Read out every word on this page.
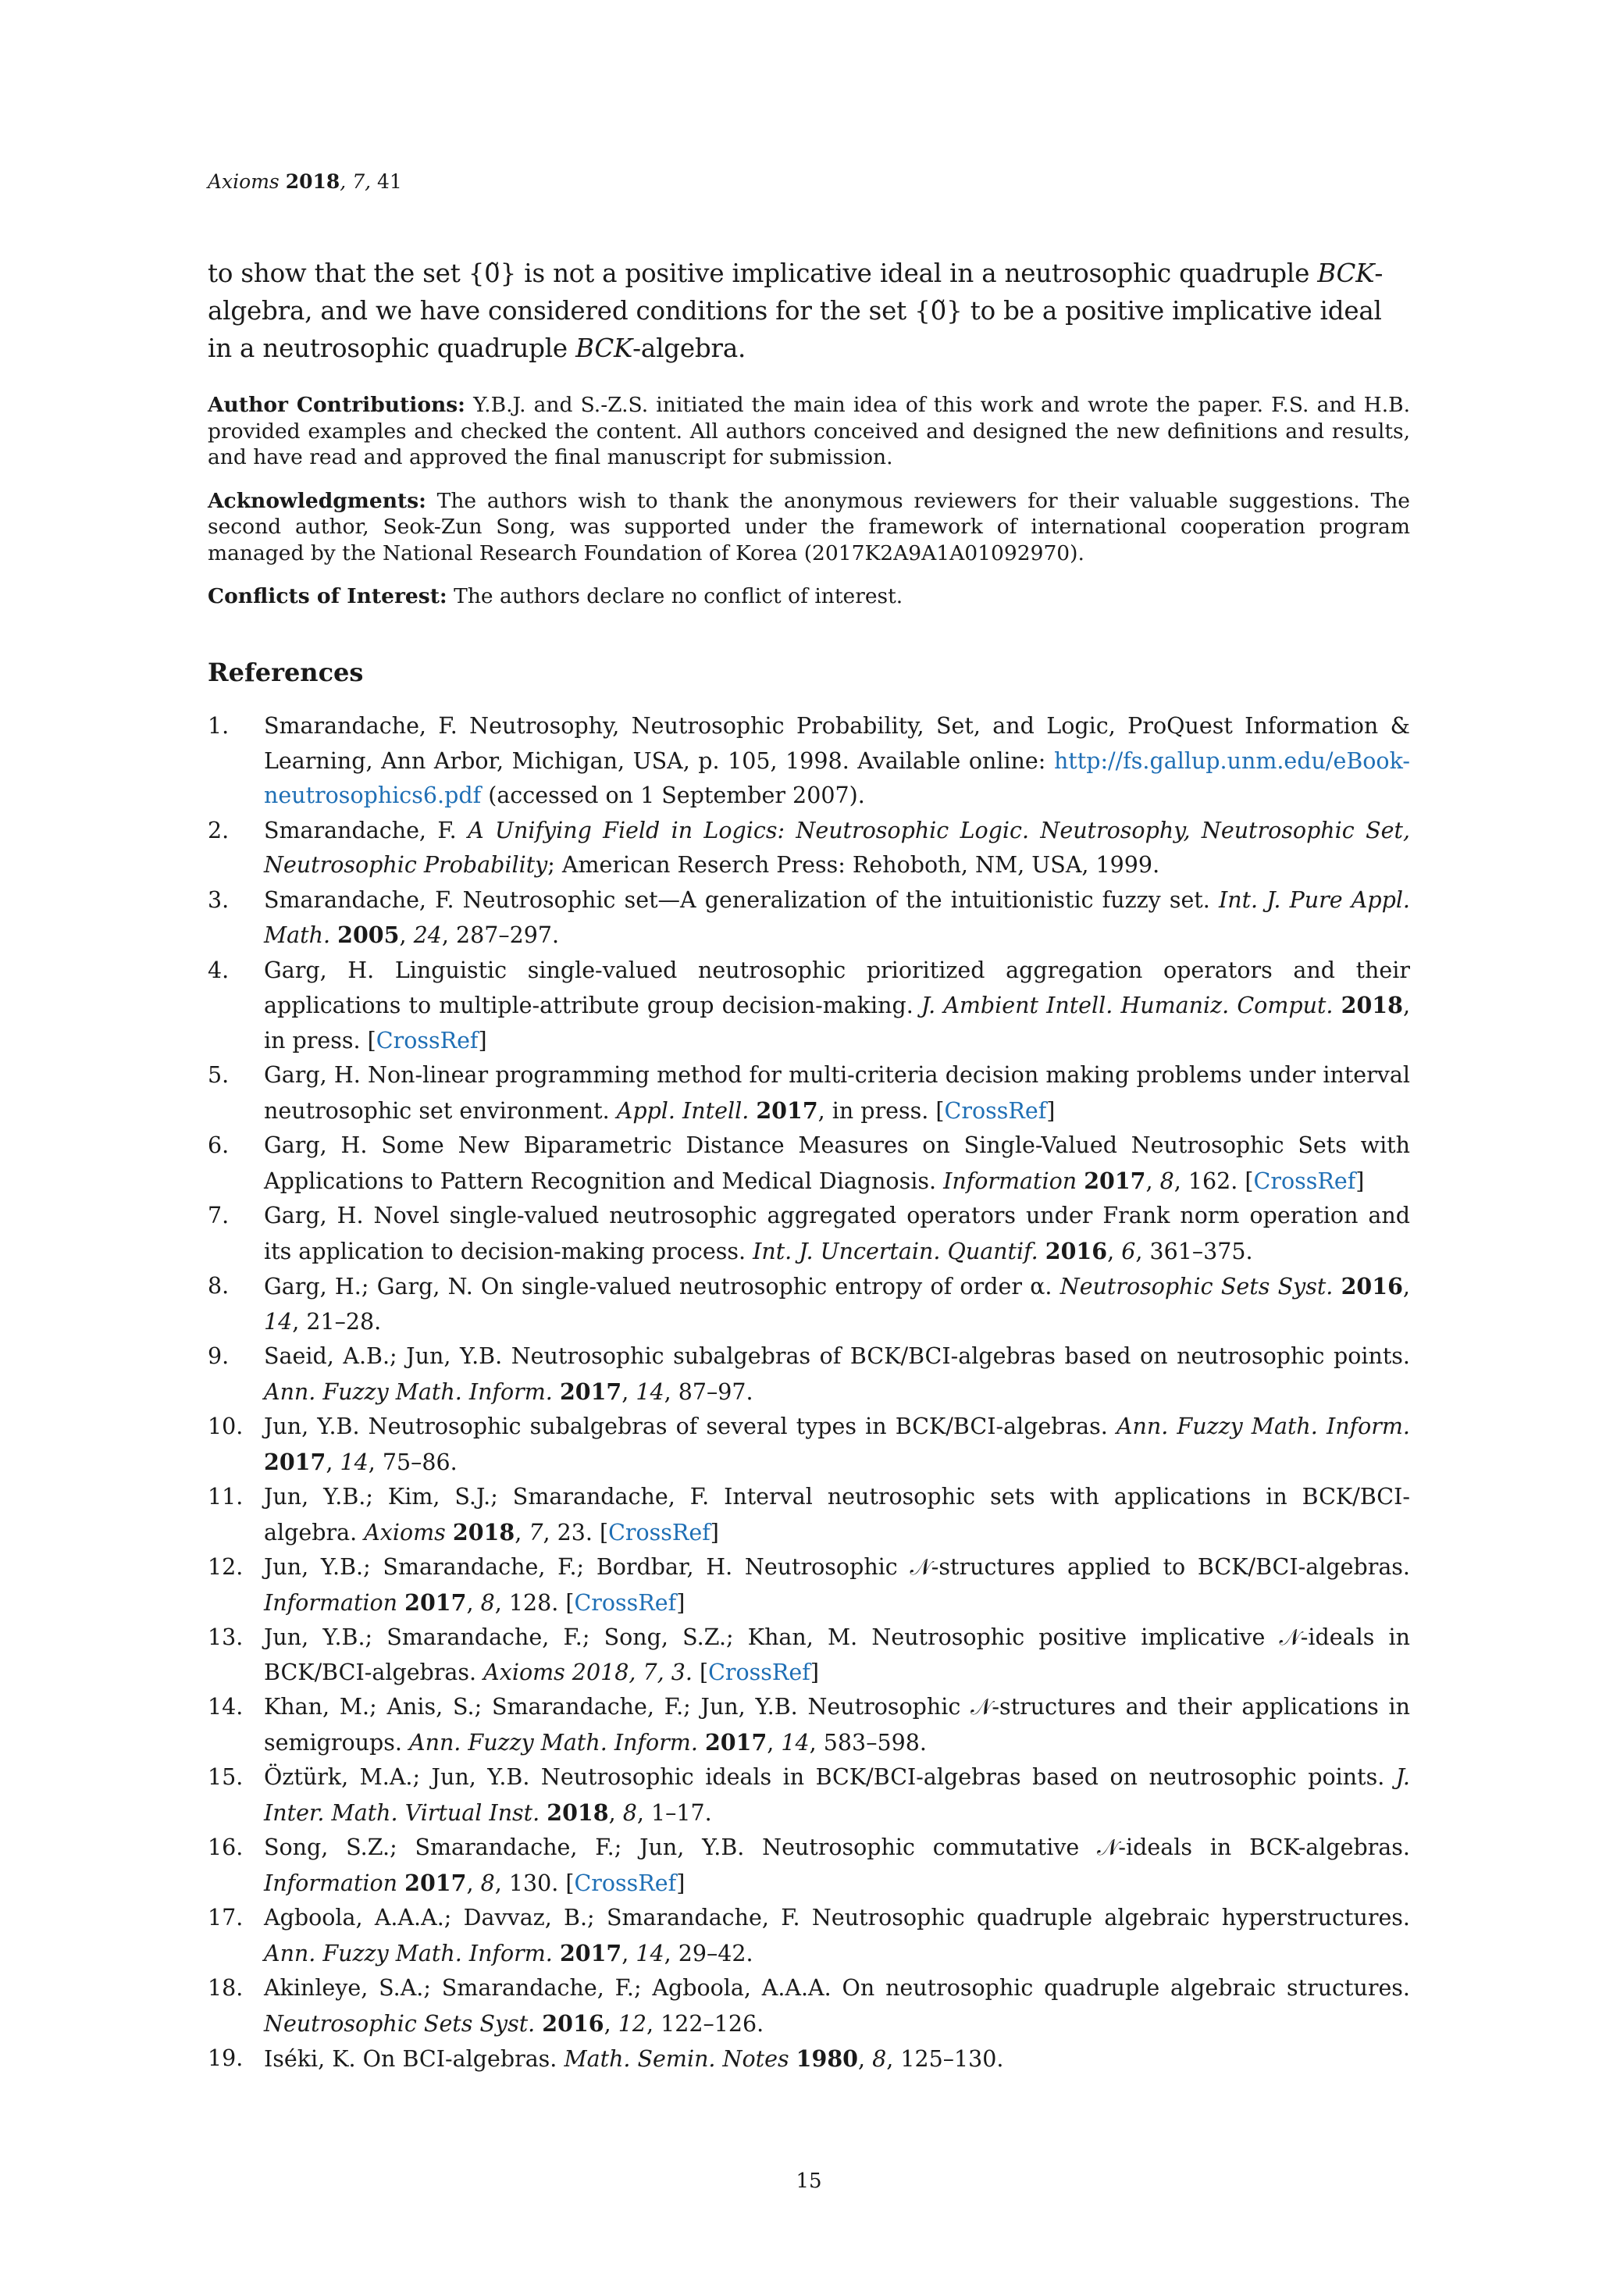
Axioms 2018, 7, 41
to show that the set {0̃} is not a positive implicative ideal in a neutrosophic quadruple BCK-algebra, and we have considered conditions for the set {0̃} to be a positive implicative ideal in a neutrosophic quadruple BCK-algebra.

Author Contributions: Y.B.J. and S.-Z.S. initiated the main idea of this work and wrote the paper. F.S. and H.B. provided examples and checked the content. All authors conceived and designed the new definitions and results, and have read and approved the final manuscript for submission.

Acknowledgments: The authors wish to thank the anonymous reviewers for their valuable suggestions. The second author, Seok-Zun Song, was supported under the framework of international cooperation program managed by the National Research Foundation of Korea (2017K2A9A1A01092970).

Conflicts of Interest: The authors declare no conflict of interest.

References
1. Smarandache, F. Neutrosophy, Neutrosophic Probability, Set, and Logic, ProQuest Information & Learning, Ann Arbor, Michigan, USA, p. 105, 1998. Available online: http://fs.gallup.unm.edu/eBook-neutrosophics6.pdf (accessed on 1 September 2007).
2. Smarandache, F. A Unifying Field in Logics: Neutrosophic Logic. Neutrosophy, Neutrosophic Set, Neutrosophic Probability; American Reserch Press: Rehoboth, NM, USA, 1999.
3. Smarandache, F. Neutrosophic set—A generalization of the intuitionistic fuzzy set. Int. J. Pure Appl. Math. 2005, 24, 287–297.
4. Garg, H. Linguistic single-valued neutrosophic prioritized aggregation operators and their applications to multiple-attribute group decision-making. J. Ambient Intell. Humaniz. Comput. 2018, in press. [CrossRef]
5. Garg, H. Non-linear programming method for multi-criteria decision making problems under interval neutrosophic set environment. Appl. Intell. 2017, in press. [CrossRef]
6. Garg, H. Some New Biparametric Distance Measures on Single-Valued Neutrosophic Sets with Applications to Pattern Recognition and Medical Diagnosis. Information 2017, 8, 162. [CrossRef]
7. Garg, H. Novel single-valued neutrosophic aggregated operators under Frank norm operation and its application to decision-making process. Int. J. Uncertain. Quantif. 2016, 6, 361–375.
8. Garg, H.; Garg, N. On single-valued neutrosophic entropy of order α. Neutrosophic Sets Syst. 2016, 14, 21–28.
9. Saeid, A.B.; Jun, Y.B. Neutrosophic subalgebras of BCK/BCI-algebras based on neutrosophic points. Ann. Fuzzy Math. Inform. 2017, 14, 87–97.
10. Jun, Y.B. Neutrosophic subalgebras of several types in BCK/BCI-algebras. Ann. Fuzzy Math. Inform. 2017, 14, 75–86.
11. Jun, Y.B.; Kim, S.J.; Smarandache, F. Interval neutrosophic sets with applications in BCK/BCI-algebra. Axioms 2018, 7, 23. [CrossRef]
12. Jun, Y.B.; Smarandache, F.; Bordbar, H. Neutrosophic 𝒩-structures applied to BCK/BCI-algebras. Information 2017, 8, 128. [CrossRef]
13. Jun, Y.B.; Smarandache, F.; Song, S.Z.; Khan, M. Neutrosophic positive implicative 𝒩-ideals in BCK/BCI-algebras. Axioms 2018, 7, 3. [CrossRef]
14. Khan, M.; Anis, S.; Smarandache, F.; Jun, Y.B. Neutrosophic 𝒩-structures and their applications in semigroups. Ann. Fuzzy Math. Inform. 2017, 14, 583–598.
15. Öztürk, M.A.; Jun, Y.B. Neutrosophic ideals in BCK/BCI-algebras based on neutrosophic points. J. Inter. Math. Virtual Inst. 2018, 8, 1–17.
16. Song, S.Z.; Smarandache, F.; Jun, Y.B. Neutrosophic commutative 𝒩-ideals in BCK-algebras. Information 2017, 8, 130. [CrossRef]
17. Agboola, A.A.A.; Davvaz, B.; Smarandache, F. Neutrosophic quadruple algebraic hyperstructures. Ann. Fuzzy Math. Inform. 2017, 14, 29–42.
18. Akinleye, S.A.; Smarandache, F.; Agboola, A.A.A. On neutrosophic quadruple algebraic structures. Neutrosophic Sets Syst. 2016, 12, 122–126.
19. Iséki, K. On BCI-algebras. Math. Semin. Notes 1980, 8, 125–130.
15
